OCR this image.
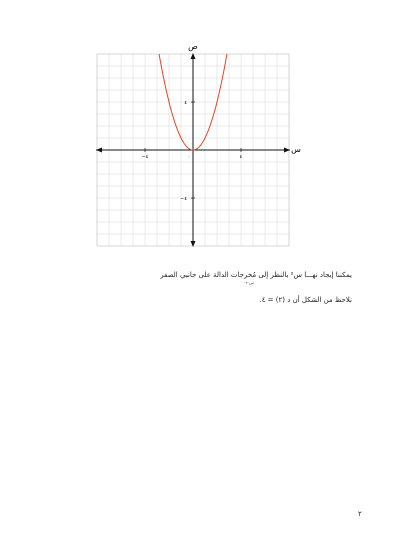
ص
س
−٤	٤
٠
٤
−٤
يمكننا إيجاد نهـــا س² بالنظر إلى مُخرجات الدالة على جانبي الصفر
س←٠
نلاحظ من الشكل أن د (٢) = ٤.
٢
